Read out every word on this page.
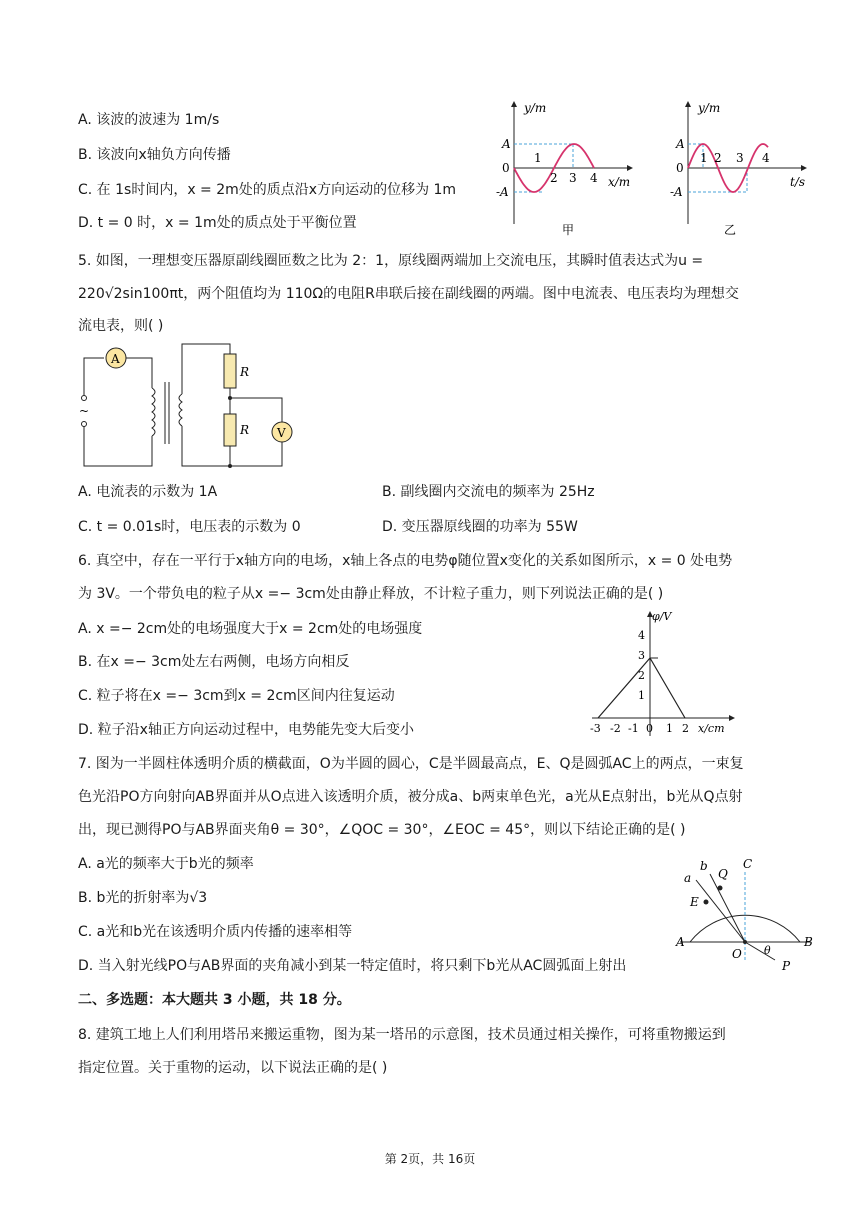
A. 该波的波速为 1m/s
B. 该波向x轴负方向传播
C. 在 1s时间内，x = 2m处的质点沿x方向运动的位移为 1m
D. t = 0 时，x = 1m处的质点处于平衡位置
y/m
A
0
-A
1
2 3 4 x/m
甲
y/m
A
0
-A
1 2 3 4
t/s
乙
5. 如图，一理想变压器原副线圈匝数之比为 2：1，原线圈两端加上交流电压，其瞬时值表达式为u =
220√2sin100πt，两个阻值均为 110Ω的电阻R串联后接在副线圈的两端。图中电流表、电压表均为理想交
流电表，则( )
A
~
R
R V
A. 电流表的示数为 1A	B. 副线圈内交流电的频率为 25Hz
C. t = 0.01s时，电压表的示数为 0	D. 变压器原线圈的功率为 55W
6. 真空中，存在一平行于x轴方向的电场，x轴上各点的电势φ随位置x变化的关系如图所示，x = 0 处电势
为 3V。一个带负电的粒子从x =− 3cm处由静止释放，不计粒子重力，则下列说法正确的是( )
A. x =− 2cm处的电场强度大于x = 2cm处的电场强度
B. 在x =− 3cm处左右两侧，电场方向相反
C. 粒子将在x =− 3cm到x = 2cm区间内往复运动
D. 粒子沿x轴正方向运动过程中，电势能先变大后变小
φ/V
4
3
2
1
-3 -2 -1 0 1 2 x/cm
7. 图为一半圆柱体透明介质的横截面，O为半圆的圆心，C是半圆最高点，E、Q是圆弧AC上的两点，一束复
色光沿PO方向射向AB界面并从O点进入该透明介质，被分成a、b两束单色光，a光从E点射出，b光从Q点射
出，现已测得PO与AB界面夹角θ = 30°，∠QOC = 30°，∠EOC = 45°，则以下结论正确的是( )
A. a光的频率大于b光的频率
B. b光的折射率为√3
C. a光和b光在该透明介质内传播的速率相等
D. 当入射光线PO与AB界面的夹角减小到某一特定值时，将只剩下b光从AC圆弧面上射出
a
b
Q
C
E
A
O
B
P
θ
二、多选题：本大题共 3 小题，共 18 分。
8. 建筑工地上人们利用塔吊来搬运重物，图为某一塔吊的示意图，技术员通过相关操作，可将重物搬运到
指定位置。关于重物的运动，以下说法正确的是( )
第 2页，共 16页
